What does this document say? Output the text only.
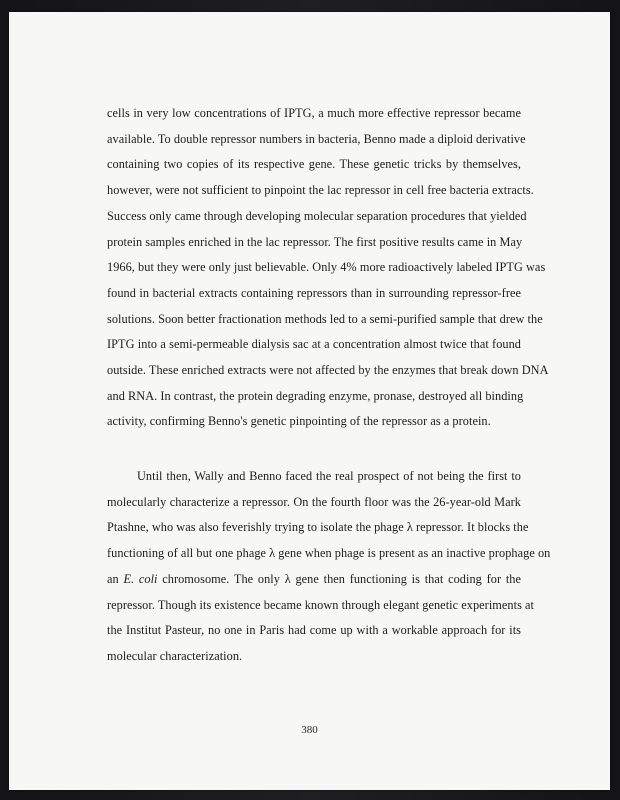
cells in very low concentrations of IPTG, a much more effective repressor became
available. To double repressor numbers in bacteria, Benno made a diploid derivative
containing two copies of its respective gene. These genetic tricks by themselves,
however, were not sufficient to pinpoint the lac repressor in cell free bacteria extracts.
Success only came through developing molecular separation procedures that yielded
protein samples enriched in the lac repressor. The first positive results came in May
1966, but they were only just believable. Only 4% more radioactively labeled IPTG was
found in bacterial extracts containing repressors than in surrounding repressor-free
solutions. Soon better fractionation methods led to a semi-purified sample that drew the
IPTG into a semi-permeable dialysis sac at a concentration almost twice that found
outside. These enriched extracts were not affected by the enzymes that break down DNA
and RNA. In contrast, the protein degrading enzyme, pronase, destroyed all binding
activity, confirming Benno's genetic pinpointing of the repressor as a protein.
Until then, Wally and Benno faced the real prospect of not being the first to
molecularly characterize a repressor. On the fourth floor was the 26-year-old Mark
Ptashne, who was also feverishly trying to isolate the phage λ repressor. It blocks the
functioning of all but one phage λ gene when phage is present as an inactive prophage on
an E. coli chromosome. The only λ gene then functioning is that coding for the
repressor. Though its existence became known through elegant genetic experiments at
the Institut Pasteur, no one in Paris had come up with a workable approach for its
molecular characterization.
380
